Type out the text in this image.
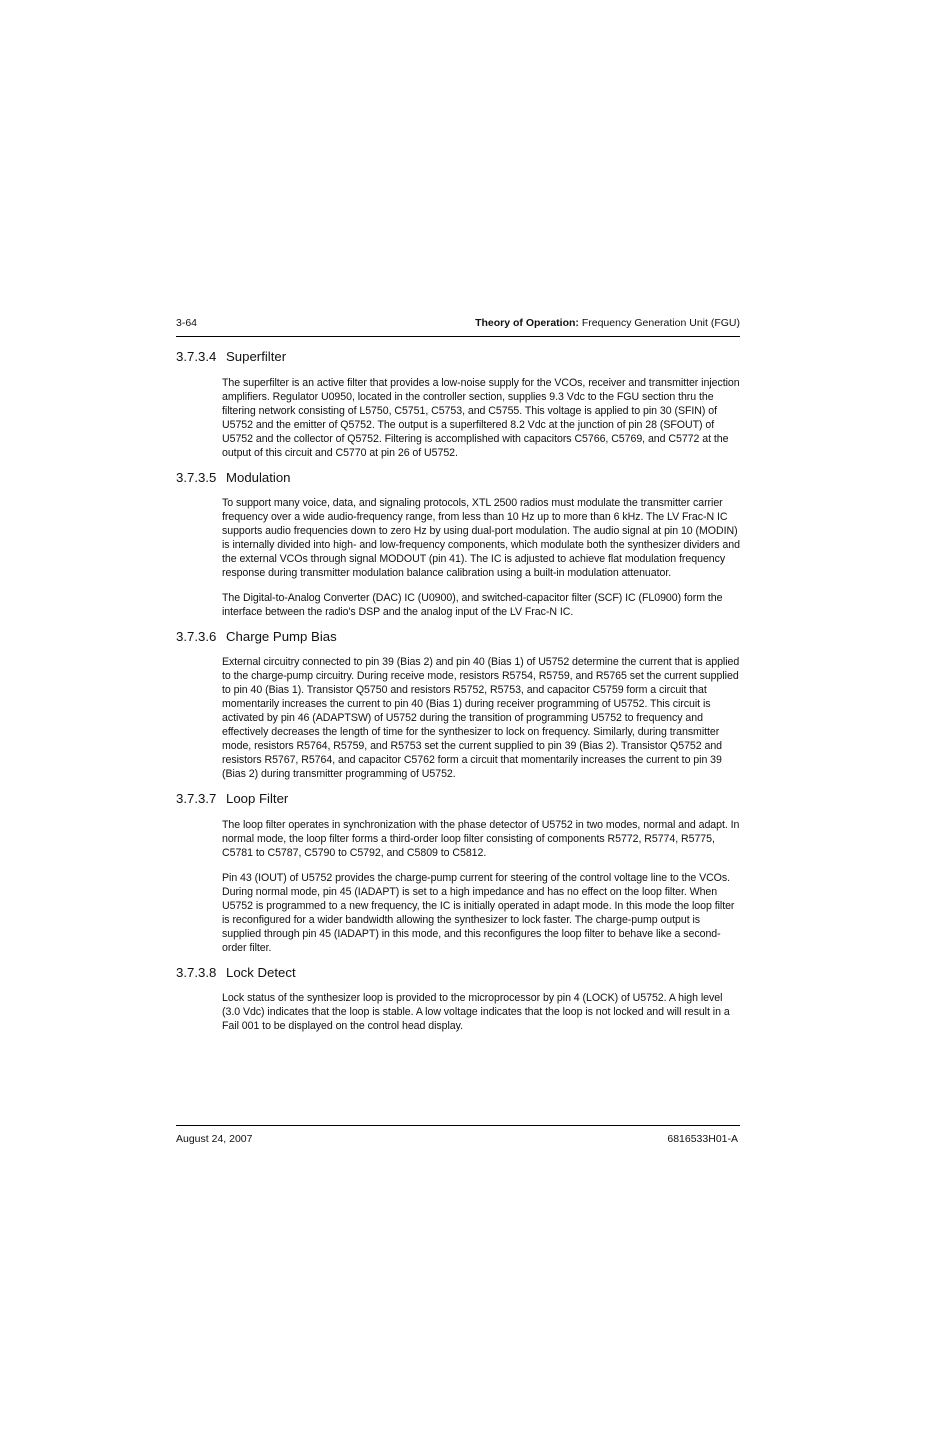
3-64	Theory of Operation: Frequency Generation Unit (FGU)
3.7.3.4 Superfilter

The superfilter is an active filter that provides a low-noise supply for the VCOs, receiver and transmitter injection amplifiers. Regulator U0950, located in the controller section, supplies 9.3 Vdc to the FGU section thru the filtering network consisting of L5750, C5751, C5753, and C5755. This voltage is applied to pin 30 (SFIN) of U5752 and the emitter of Q5752. The output is a superfiltered 8.2 Vdc at the junction of pin 28 (SFOUT) of U5752 and the collector of Q5752. Filtering is accomplished with capacitors C5766, C5769, and C5772 at the output of this circuit and C5770 at pin 26 of U5752.

3.7.3.5 Modulation

To support many voice, data, and signaling protocols, XTL 2500 radios must modulate the transmitter carrier frequency over a wide audio-frequency range, from less than 10 Hz up to more than 6 kHz. The LV Frac-N IC supports audio frequencies down to zero Hz by using dual-port modulation. The audio signal at pin 10 (MODIN) is internally divided into high- and low-frequency components, which modulate both the synthesizer dividers and the external VCOs through signal MODOUT (pin 41). The IC is adjusted to achieve flat modulation frequency response during transmitter modulation balance calibration using a built-in modulation attenuator.

The Digital-to-Analog Converter (DAC) IC (U0900), and switched-capacitor filter (SCF) IC (FL0900) form the interface between the radio's DSP and the analog input of the LV Frac-N IC.

3.7.3.6 Charge Pump Bias

External circuitry connected to pin 39 (Bias 2) and pin 40 (Bias 1) of U5752 determine the current that is applied to the charge-pump circuitry. During receive mode, resistors R5754, R5759, and R5765 set the current supplied to pin 40 (Bias 1). Transistor Q5750 and resistors R5752, R5753, and capacitor C5759 form a circuit that momentarily increases the current to pin 40 (Bias 1) during receiver programming of U5752. This circuit is activated by pin 46 (ADAPTSW) of U5752 during the transition of programming U5752 to frequency and effectively decreases the length of time for the synthesizer to lock on frequency. Similarly, during transmitter mode, resistors R5764, R5759, and R5753 set the current supplied to pin 39 (Bias 2). Transistor Q5752 and resistors R5767, R5764, and capacitor C5762 form a circuit that momentarily increases the current to pin 39 (Bias 2) during transmitter programming of U5752.

3.7.3.7 Loop Filter

The loop filter operates in synchronization with the phase detector of U5752 in two modes, normal and adapt. In normal mode, the loop filter forms a third-order loop filter consisting of components R5772, R5774, R5775, C5781 to C5787, C5790 to C5792, and C5809 to C5812.

Pin 43 (IOUT) of U5752 provides the charge-pump current for steering of the control voltage line to the VCOs. During normal mode, pin 45 (IADAPT) is set to a high impedance and has no effect on the loop filter. When U5752 is programmed to a new frequency, the IC is initially operated in adapt mode. In this mode the loop filter is reconfigured for a wider bandwidth allowing the synthesizer to lock faster. The charge-pump output is supplied through pin 45 (IADAPT) in this mode, and this reconfigures the loop filter to behave like a second-order filter.

3.7.3.8 Lock Detect

Lock status of the synthesizer loop is provided to the microprocessor by pin 4 (LOCK) of U5752. A high level (3.0 Vdc) indicates that the loop is stable. A low voltage indicates that the loop is not locked and will result in a Fail 001 to be displayed on the control head display.

August 24, 2007	6816533H01-A
